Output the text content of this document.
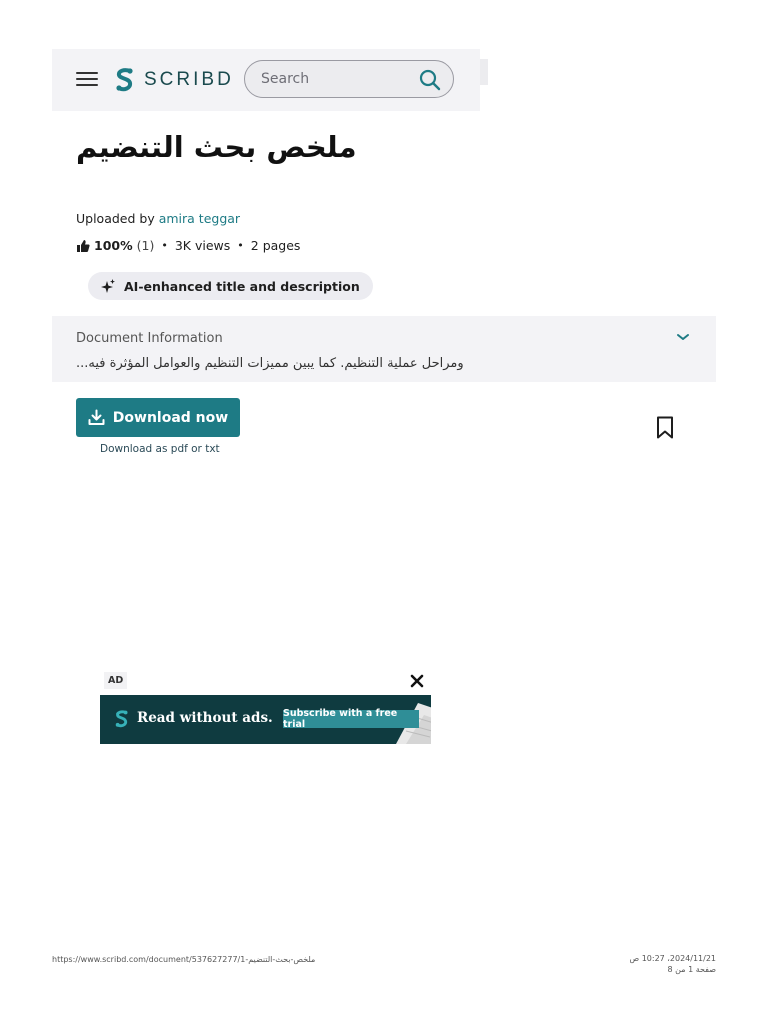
SCRIBD
Search
ملخص بحث التنضيم
Uploaded by amira teggar
100% (1) • 3K views • 2 pages
AI-enhanced title and description
Document Information
...ومراحل عملية التنظيم. كما يبين مميزات التنظيم والعوامل المؤثرة فيه
Download now
Download as pdf or txt
AD
Read without ads. Subscribe with a free trial
https://www.scribd.com/document/537627277/1-ملخص-بحث-التنضيم	2024/11/21، 10:27 ص
صفحة 1 من 8
